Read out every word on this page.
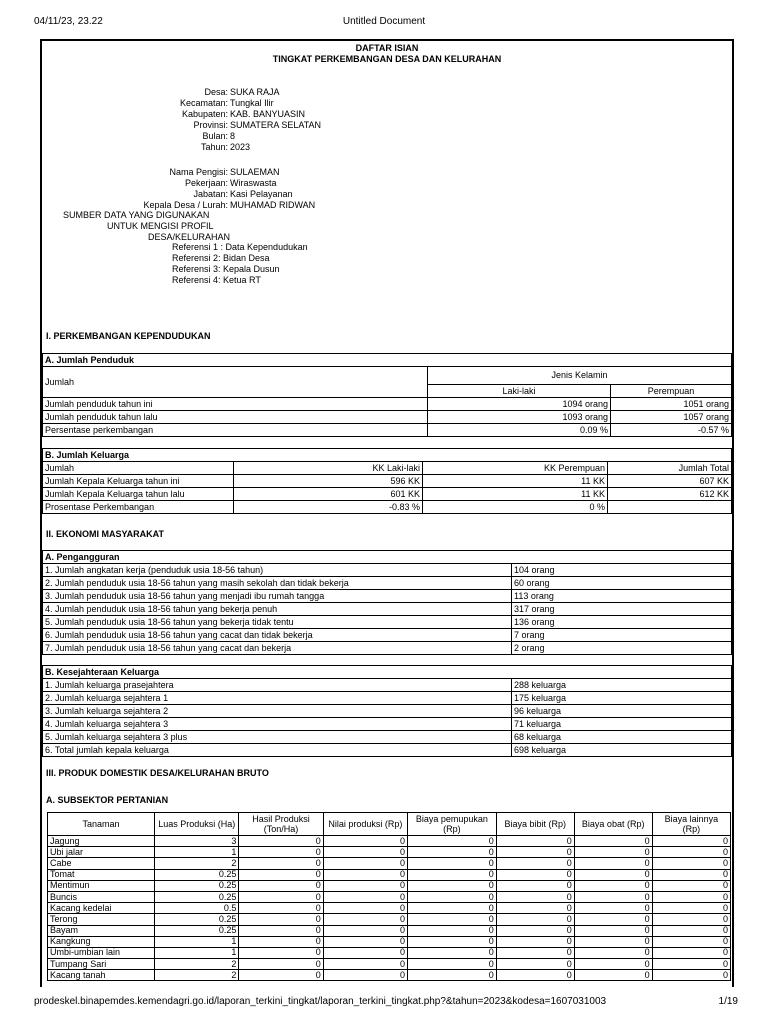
04/11/23, 23.22	Untitled Document
DAFTAR ISIAN
TINGKAT PERKEMBANGAN DESA DAN KELURAHAN
Desa: SUKA RAJA
Kecamatan: Tungkal Ilir
Kabupaten: KAB. BANYUASIN
Provinsi: SUMATERA SELATAN
Bulan: 8
Tahun: 2023
Nama Pengisi: SULAEMAN
Pekerjaan: Wiraswasta
Jabatan: Kasi Pelayanan
Kepala Desa / Lurah: MUHAMAD RIDWAN
SUMBER DATA YANG DIGUNAKAN
UNTUK MENGISI PROFIL
DESA/KELURAHAN
Referensi 1 : Data Kependudukan
Referensi 2: Bidan Desa
Referensi 3: Kepala Dusun
Referensi 4: Ketua RT
I. PERKEMBANGAN KEPENDUDUKAN
A. Jumlah Penduduk		
Jumlah	Jenis Kelamin	
	Laki-laki	Perempuan
Jumlah penduduk tahun ini	1094 orang	1051 orang
Jumlah penduduk tahun lalu	1093 orang	1057 orang
Persentase perkembangan	0.09 %	-0.57 %
B. Jumlah Keluarga			
Jumlah	KK Laki-laki	KK Perempuan	Jumlah Total
Jumlah Kepala Keluarga tahun ini	596 KK	11 KK	607 KK
Jumlah Kepala Keluarga tahun lalu	601 KK	11 KK	612 KK
Prosentase Perkembangan	-0.83 %	0 %	
II. EKONOMI MASYARAKAT
A. Pengangguran	
1. Jumlah angkatan kerja (penduduk usia 18-56 tahun)	104 orang
2. Jumlah penduduk usia 18-56 tahun yang masih sekolah dan tidak bekerja	60 orang
3. Jumlah penduduk usia 18-56 tahun yang menjadi ibu rumah tangga	113 orang
4. Jumlah penduduk usia 18-56 tahun yang bekerja penuh	317 orang
5. Jumlah penduduk usia 18-56 tahun yang bekerja tidak tentu	136 orang
6. Jumlah penduduk usia 18-56 tahun yang cacat dan tidak bekerja	7 orang
7. Jumlah penduduk usia 18-56 tahun yang cacat dan bekerja	2 orang
B. Kesejahteraan Keluarga	
1. Jumlah keluarga prasejahtera	288 keluarga
2. Jumlah keluarga sejahtera 1	175 keluarga
3. Jumlah keluarga sejahtera 2	96 keluarga
4. Jumlah keluarga sejahtera 3	71 keluarga
5. Jumlah keluarga sejahtera 3 plus	68 keluarga
6. Total jumlah kepala keluarga	698 keluarga
III. PRODUK DOMESTIK DESA/KELURAHAN BRUTO
A. SUBSEKTOR PERTANIAN
Tanaman	Luas Produksi (Ha)	Hasil Produksi (Ton/Ha)	Nilai produksi (Rp)	Biaya pemupukan (Rp)	Biaya bibit (Rp)	Biaya obat (Rp)	Biaya lainnya (Rp)
Jagung	3	0	0	0	0	0	0
Ubi jalar	1	0	0	0	0	0	0
Cabe	2	0	0	0	0	0	0
Tomat	0.25	0	0	0	0	0	0
Mentimun	0.25	0	0	0	0	0	0
Buncis	0.25	0	0	0	0	0	0
Kacang kedelai	0.5	0	0	0	0	0	0
Terong	0.25	0	0	0	0	0	0
Bayam	0.25	0	0	0	0	0	0
Kangkung	1	0	0	0	0	0	0
Umbi-umbian lain	1	0	0	0	0	0	0
Tumpang Sari	2	0	0	0	0	0	0
Kacang tanah	2	0	0	0	0	0	0
prodeskel.binapemdes.kemendagri.go.id/laporan_terkini_tingkat/laporan_terkini_tingkat.php?&tahun=2023&kodesa=1607031003	1/19
